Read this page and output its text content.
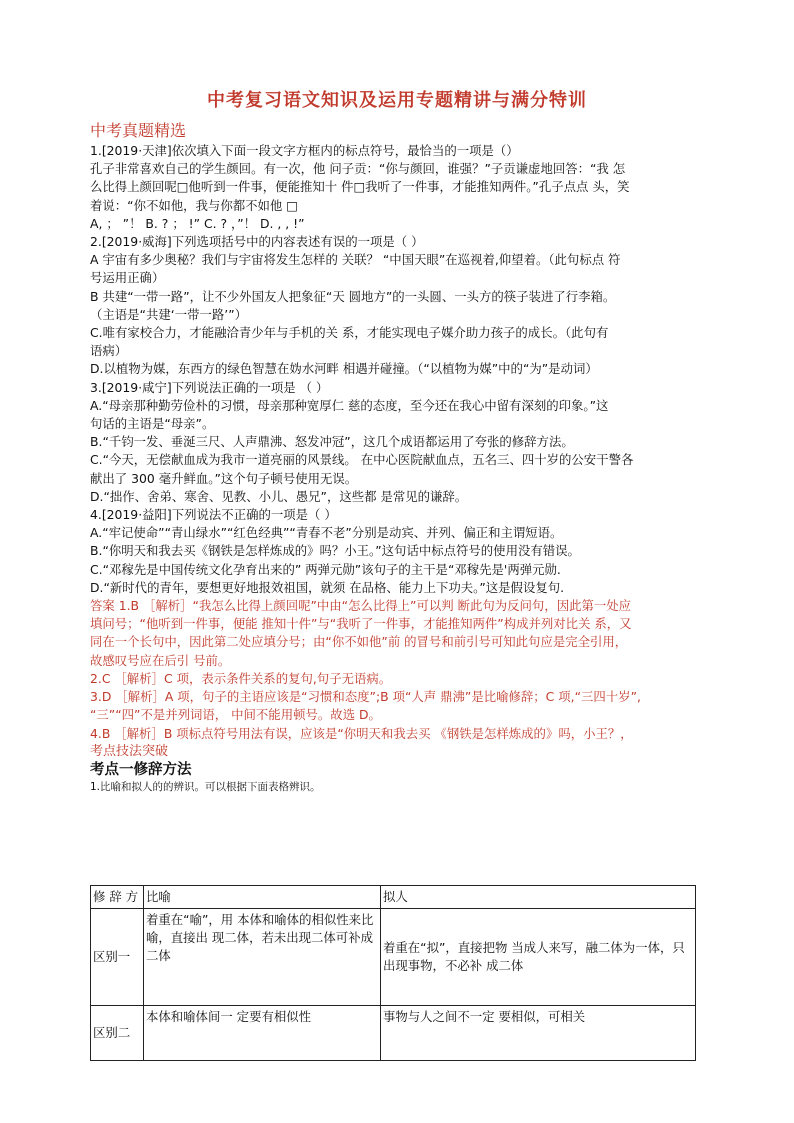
中考复习语文知识及运用专题精讲与满分特训
中考真题精选

1.[2019·天津]依次填入下面一段文字方框内的标点符号，最恰当的一项是（）

孔子非常喜欢自己的学生颜回。有一次，他 问子贡：“你与颜回，谁强？”子贡谦虚地回答：“我 怎

么比得上颜回呢□他听到一件事，便能推知十 件□我听了一件事，才能推知两件。”孔子点点 头，笑

着说：“你不如他，我与你都不如他 □

A, ； ”！ B. ? ； !” C. ? ，”！ D. , , !”

2.[2019·威海]下列选项括号中的内容表述有误的一项是（ ）

A 宇宙有多少奥秘？我们与宇宙将发生怎样的 关联？ “中国天眼”在巡视着,仰望着。（此句标点 符

号运用正确）

B 共建“一带一路”，让不少外国友人把象征“天 圆地方”的一头圆、一头方的筷子装进了行李箱。

（主语是“共建‘一带一路’”）

C.唯有家校合力，才能融洽青少年与手机的关 系，才能实现电子媒介助力孩子的成长。（此句有

语病）

D.以植物为媒，东西方的绿色智慧在妫水河畔 相遇并碰撞。（“以植物为媒”中的“为”是动词）

3.[2019·咸宁]下列说法正确的一项是 （ ）

A.“母亲那种勤劳俭朴的习惯，母亲那种宽厚仁 慈的态度，至今还在我心中留有深刻的印象。”这

句话的主语是“母亲”。

B.“千钧一发、垂涎三尺、人声鼎沸、怒发冲冠”，这几个成语都运用了夸张的修辞方法。

C.“今天，无偿献血成为我市一道亮丽的风景线。 在中心医院献血点，五名三、四十岁的公安干警各

献出了 300 毫升鲜血。”这个句子顿号使用无误。

D.“拙作、舍弟、寒舍、见教、小儿、愚兄”，这些都 是常见的谦辞。

4.[2019·益阳]下列说法不正确的一项是（ ）

A.“牢记使命”“青山绿水”“红色经典”“青春不老”分别是动宾、并列、偏正和主谓短语。

B.“你明天和我去买《钢铁是怎样炼成的》吗？小王。”这句话中标点符号的使用没有错误。

C.“邓稼先是中国传统文化孕育出来的” 两弹元勋”该句子的主干是“邓稼先是'两弹元勋.

D.“新时代的青年，要想更好地报效祖国，就须 在品格、能力上下功夫。”这是假设复句.

答案 1.B ［解析］“我怎么比得上颜回呢”中由“怎么比得上”可以判 断此句为反问句，因此第一处应

填问号；“他听到一件事，便能 推知十件”与“我听了一件事，才能推知两件”构成并列对比关 系，又

同在一个长句中，因此第二处应填分号；由“你不如他”前 的冒号和前引号可知此句应是完全引用，

故感叹号应在后引 号前。

2.C ［解析］C 项，表示条件关系的复句,句子无语病。

3.D ［解析］A 项，句子的主语应该是“习惯和态度”;B 项“人声 鼎沸”是比喻修辞；C 项,“三四十岁”,

“三”“四”不是并列词语， 中间不能用顿号。故选 D。

4.B ［解析］B 项标点符号用法有误，应该是“你明天和我去买 《钢铁是怎样炼成的》吗，小王？，

考点技法突破

考点一修辞方法

1.比喻和拟人的的辨识。可以根据下面表格辨识。

修 辞 方	比喻	拟人
区别一	着重在“喻”，用 本体和喻体的相似性来比喻，直接出 现二体，若未出现二体可补成二体	着重在“拟”，直接把物 当成人来写，融二体为一体，只出现事物，不必补 成二体
区别二	本体和喻体间一 定要有相似性	事物与人之间不一定 要相似，可相关
